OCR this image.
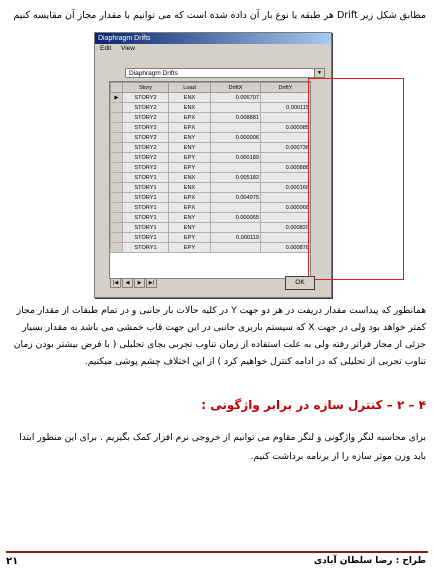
مطابق شکل زیر Drift هر طبقه یا نوع بار آن داده شده است که می توانیم با مقدار مجاز آن مقایسه کنیم
Diaphragm Drifts
Edit View
Diaphragm Drifts	▼
	Story	Load	DriftX	DriftY
▶	STORY2	ENX	0.006707	
	STORY2	ENX		0.000115
	STORY2	EPX	0.008881	
	STORY2	EPX		0.000085
	STORY2	ENY	0.000006	
	STORY2	ENY		0.000736
	STORY2	EPY	0.000189	
	STORY2	EPY		0.000888
	STORY1	ENX	0.005182	
	STORY1	ENX		0.000166
	STORY1	EPX	0.004975	
	STORY1	EPX		0.000068
	STORY1	ENY	0.000055	
	STORY1	ENY		0.000820
	STORY1	EPY	0.000119	
	STORY1	EPY		0.000878
|◀ ◀ ▶ ▶|	OK
همانطور که پیداست مقدار دریفت در هر دو جهت Y در کلیه حالات بار جانبی و در تمام طبقات از مقدار مجاز کمتر خواهد بود ولی در جهت X که سیستم باربری جانبی در این جهت قاب خمشی می باشد به مقدار بسیار جزئی از مجاز فراتر رفته ولی به علت استفاده از زمان تناوب تجربی بجای تحلیلی ( با فرض بیشتر بودن زمان تناوب تجربی از تحلیلی که در ادامه کنترل خواهیم کرد ) از این اختلاف چشم پوشی میکنیم.
۴ – ۲ – کنترل سازه در برابر واژگونی :
برای محاسبه لنگر واژگونی و لنگر مقاوم می توانیم از خروجی نرم افزار کمک بگیریم . برای این منظور ابتدا باید وزن موثر سازه را از برنامه برداشت کنیم.
طراح : رضا سلطان آبادی
۲۱
